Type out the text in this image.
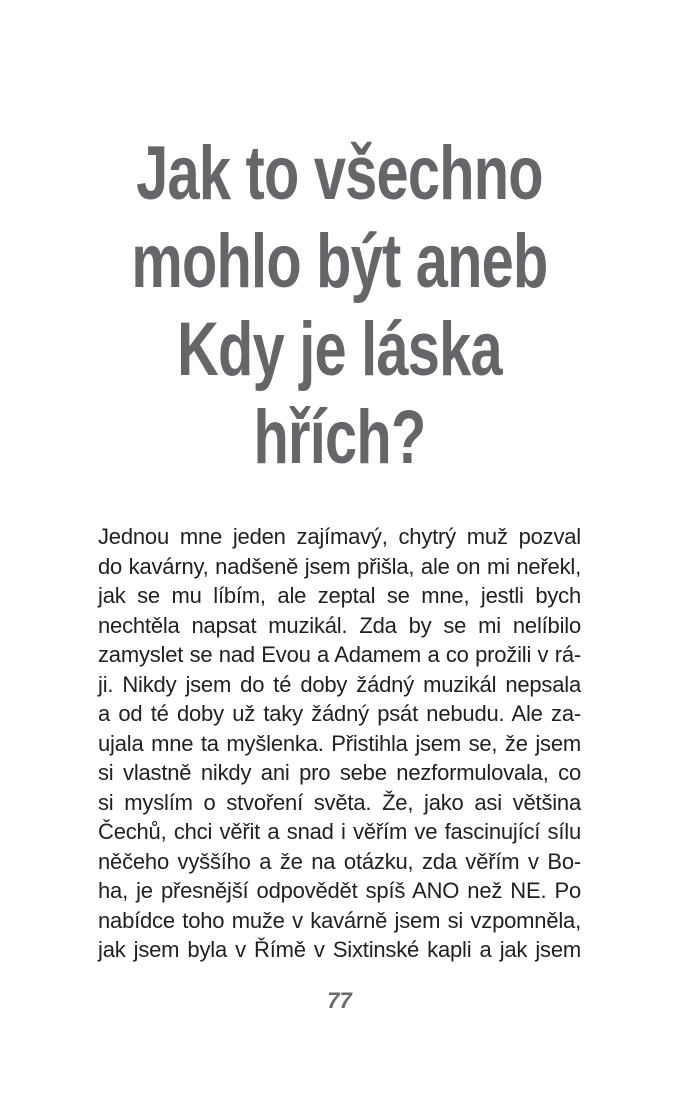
Jak to všechno
mohlo být aneb
Kdy je láska
hřích?
Jednou mne jeden zajímavý, chytrý muž pozval
do kavárny, nadšeně jsem přišla, ale on mi neřekl,
jak se mu líbím, ale zeptal se mne, jestli bych
nechtěla napsat muzikál. Zda by se mi nelíbilo
zamyslet se nad Evou a Adamem a co prožili v rá-
ji. Nikdy jsem do té doby žádný muzikál nepsala
a od té doby už taky žádný psát nebudu. Ale za-
ujala mne ta myšlenka. Přistihla jsem se, že jsem
si vlastně nikdy ani pro sebe nezformulovala, co
si myslím o stvoření světa. Že, jako asi většina
Čechů, chci věřit a snad i věřím ve fascinující sílu
něčeho vyššího a že na otázku, zda věřím v Bo-
ha, je přesnější odpovědět spíš ANO než NE. Po
nabídce toho muže v kavárně jsem si vzpomněla,
jak jsem byla v Římě v Sixtinské kapli a jak jsem
77
